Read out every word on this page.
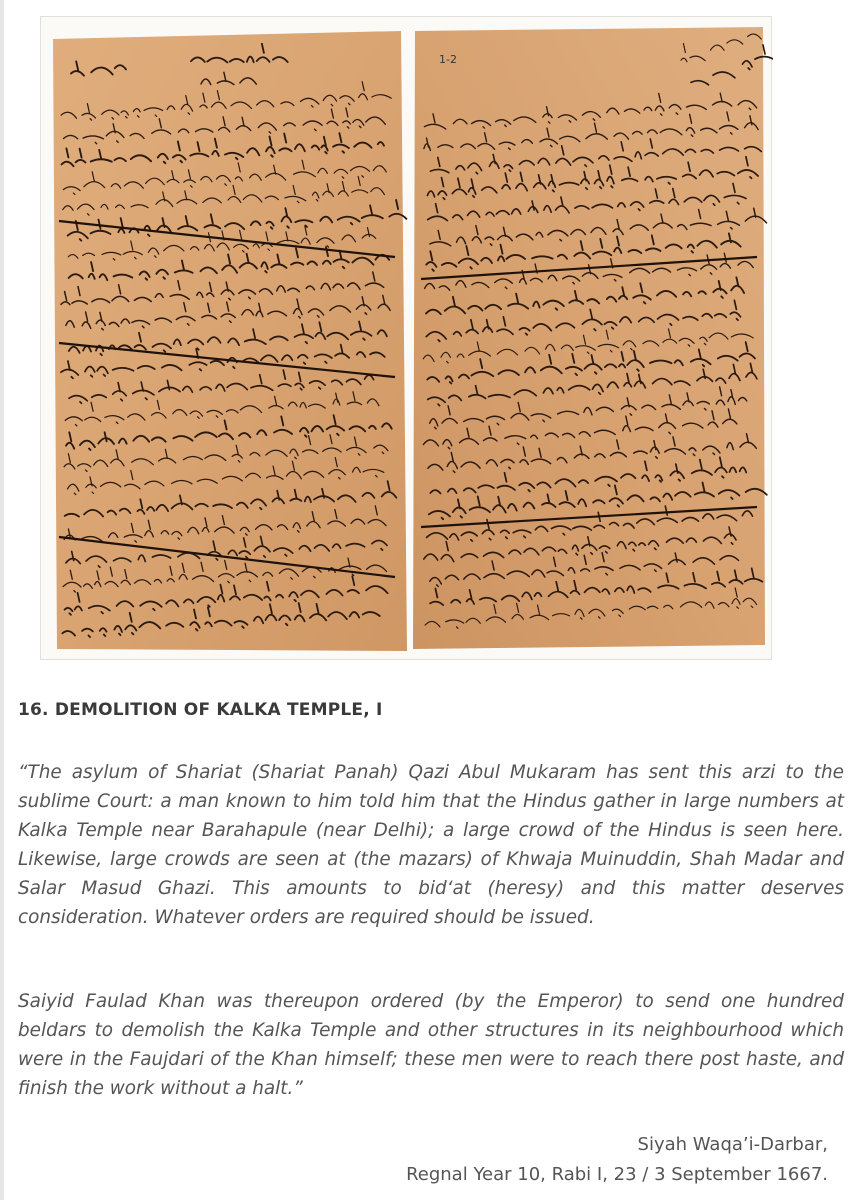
1-2
16. DEMOLITION OF KALKA TEMPLE, I

“The asylum of Shariat (Shariat Panah) Qazi Abul Mukaram has sent this arzi to the sublime Court: a man known to him told him that the Hindus gather in large numbers at Kalka Temple near Barahapule (near Delhi); a large crowd of the Hindus is seen here. Likewise, large crowds are seen at (the mazars) of Khwaja Muinuddin, Shah Madar and Salar Masud Ghazi. This amounts to bid‘at (heresy) and this matter deserves consideration. Whatever orders are required should be issued.

Saiyid Faulad Khan was thereupon ordered (by the Emperor) to send one hundred beldars to demolish the Kalka Temple and other structures in its neighbourhood which were in the Faujdari of the Khan himself; these men were to reach there post haste, and finish the work without a halt.”

Siyah Waqa’i-Darbar,
Regnal Year 10, Rabi I, 23 / 3 September 1667.
